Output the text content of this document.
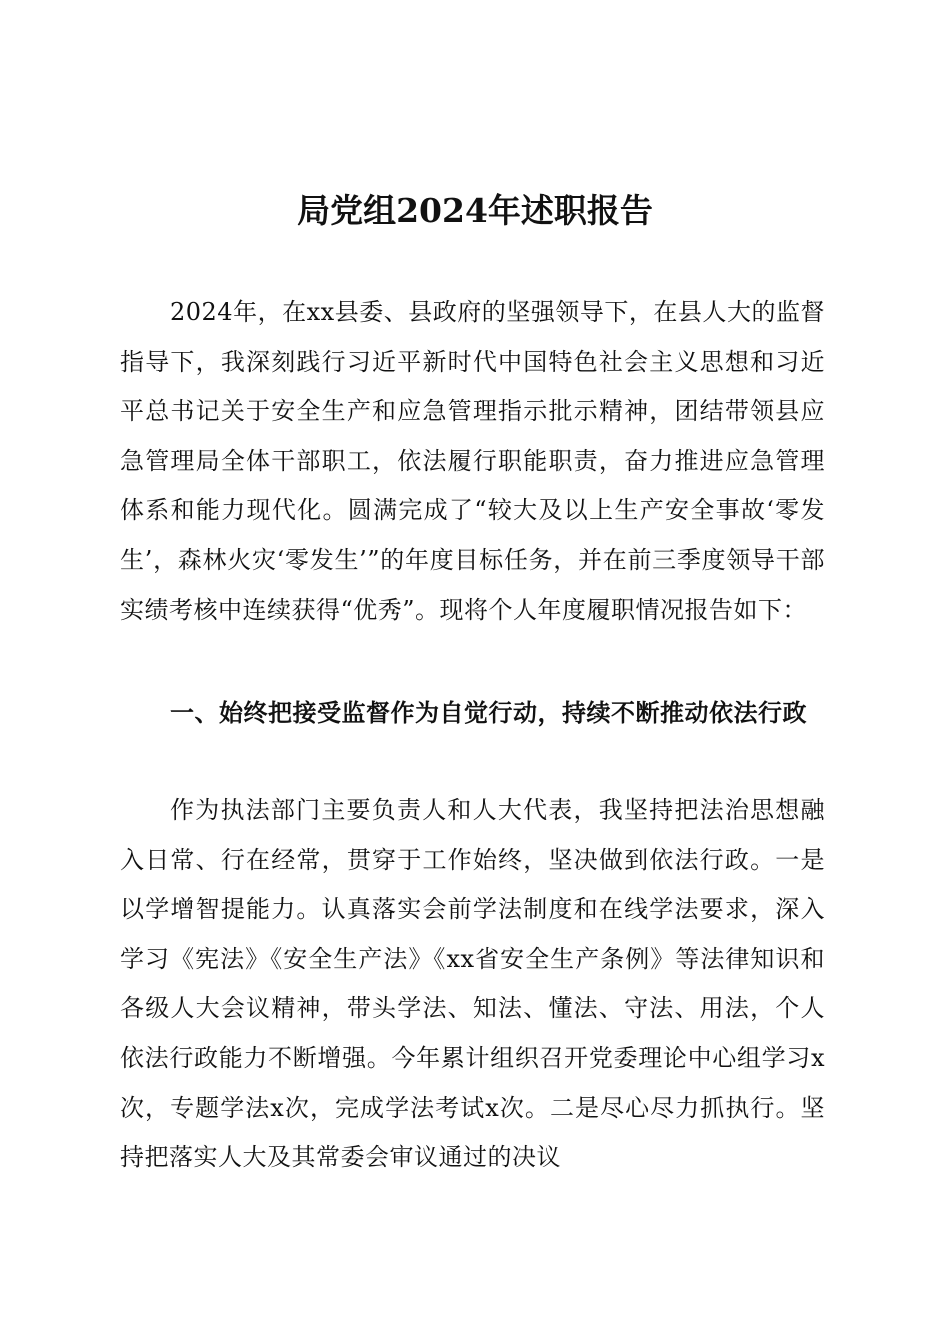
局党组2024年述职报告

2024年，在xx县委、县政府的坚强领导下，在县人大的监督指导下，我深刻践行习近平新时代中国特色社会主义思想和习近平总书记关于安全生产和应急管理指示批示精神，团结带领县应急管理局全体干部职工，依法履行职能职责，奋力推进应急管理体系和能力现代化。圆满完成了“较大及以上生产安全事故‘零发生’，森林火灾‘零发生’”的年度目标任务，并在前三季度领导干部实绩考核中连续获得“优秀”。现将个人年度履职情况报告如下：

一、始终把接受监督作为自觉行动，持续不断推动依法行政

作为执法部门主要负责人和人大代表，我坚持把法治思想融入日常、行在经常，贯穿于工作始终，坚决做到依法行政。一是以学增智提能力。认真落实会前学法制度和在线学法要求，深入学习《宪法》《安全生产法》《xx省安全生产条例》等法律知识和各级人大会议精神，带头学法、知法、懂法、守法、用法，个人依法行政能力不断增强。今年累计组织召开党委理论中心组学习x次，专题学法x次，完成学法考试x次。二是尽心尽力抓执行。坚持把落实人大及其常委会审议通过的决议
